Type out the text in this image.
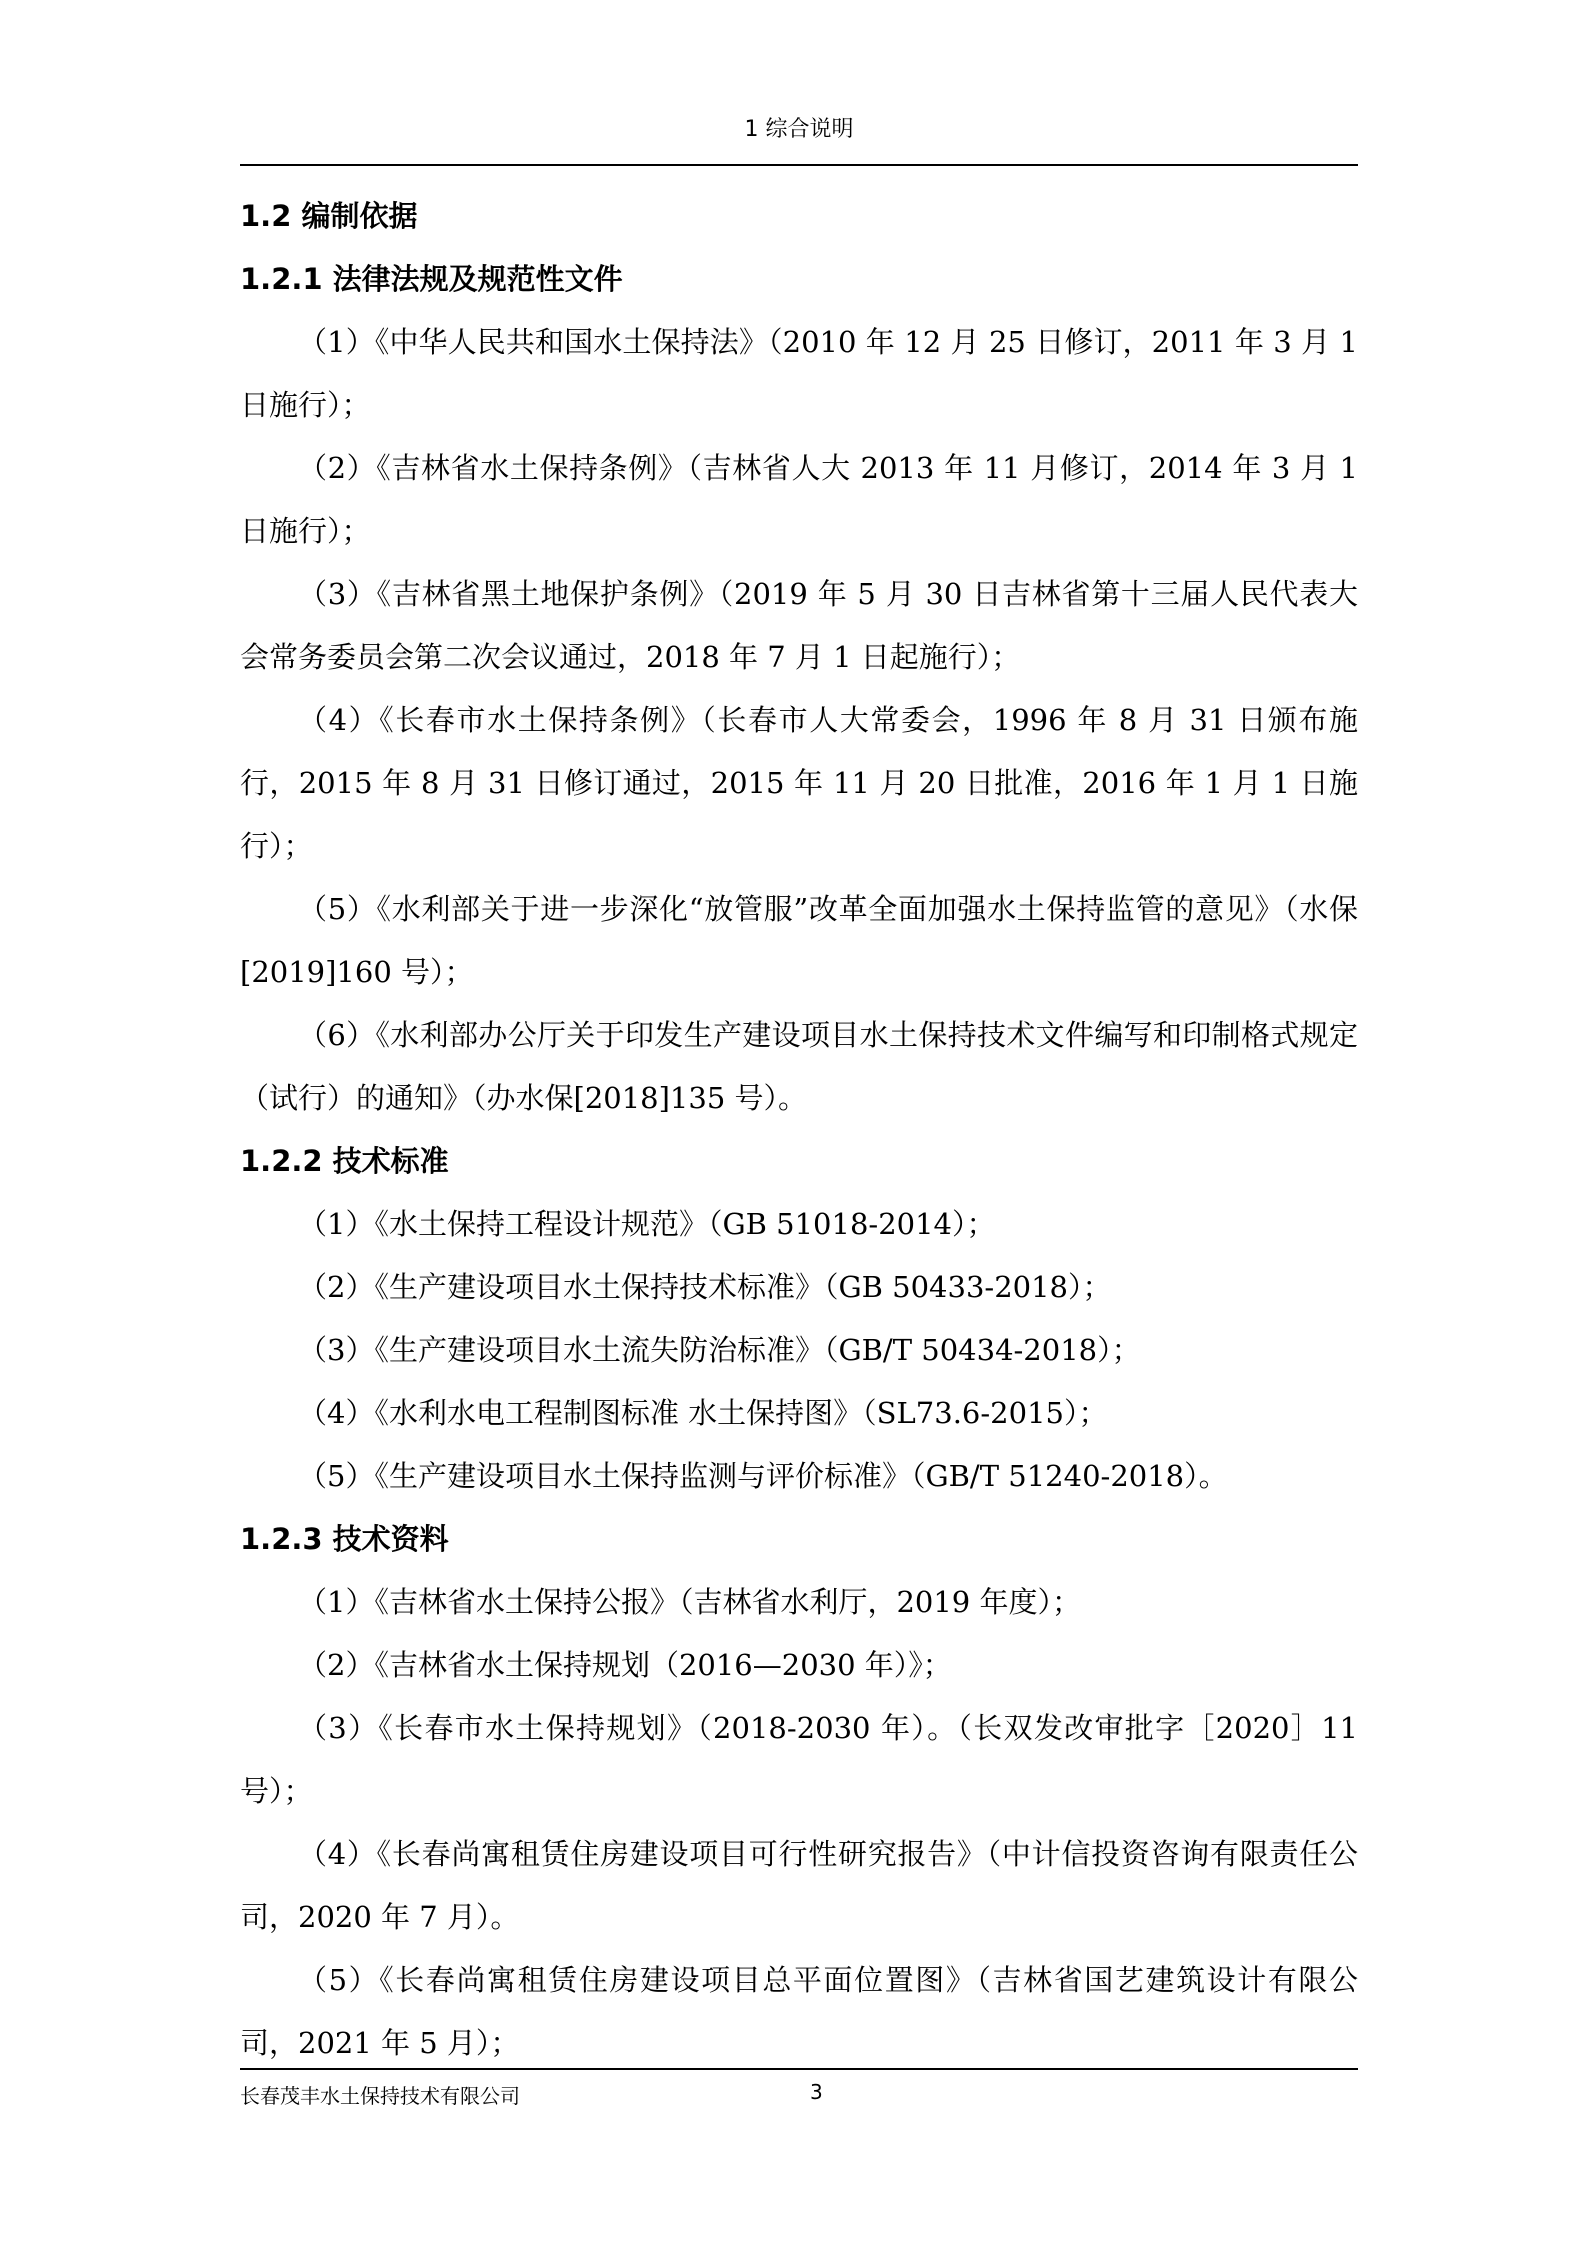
1 综合说明

1.2 编制依据

1.2.1 法律法规及规范性文件

（1）《中华人民共和国水土保持法》（2010 年 12 月 25 日修订，2011 年 3 月 1 日施行）；

（2）《吉林省水土保持条例》（吉林省人大 2013 年 11 月修订，2014 年 3 月 1 日施行）；

（3）《吉林省黑土地保护条例》（2019 年 5 月 30 日吉林省第十三届人民代表大会常务委员会第二次会议通过，2018 年 7 月 1 日起施行）；

（4）《长春市水土保持条例》（长春市人大常委会，1996 年 8 月 31 日颁布施行，2015 年 8 月 31 日修订通过，2015 年 11 月 20 日批准，2016 年 1 月 1 日施行）；

（5）《水利部关于进一步深化“放管服”改革全面加强水土保持监管的意见》（水保[2019]160 号）；

（6）《水利部办公厅关于印发生产建设项目水土保持技术文件编写和印制格式规定（试行）的通知》（办水保[2018]135 号）。

1.2.2 技术标准

（1）《水土保持工程设计规范》（GB 51018-2014）；

（2）《生产建设项目水土保持技术标准》（GB 50433-2018）；

（3）《生产建设项目水土流失防治标准》（GB/T 50434-2018）；

（4）《水利水电工程制图标准 水土保持图》（SL73.6-2015）；

（5）《生产建设项目水土保持监测与评价标准》（GB/T 51240-2018）。

1.2.3 技术资料

（1）《吉林省水土保持公报》（吉林省水利厅，2019 年度）；

（2）《吉林省水土保持规划（2016—2030 年）》；

（3）《长春市水土保持规划》（2018-2030 年）。（长双发改审批字［2020］11 号）；

（4）《长春尚寓租赁住房建设项目可行性研究报告》（中计信投资咨询有限责任公司，2020 年 7 月）。

（5）《长春尚寓租赁住房建设项目总平面位置图》（吉林省国艺建筑设计有限公司，2021 年 5 月）；

长春茂丰水土保持技术有限公司	3
